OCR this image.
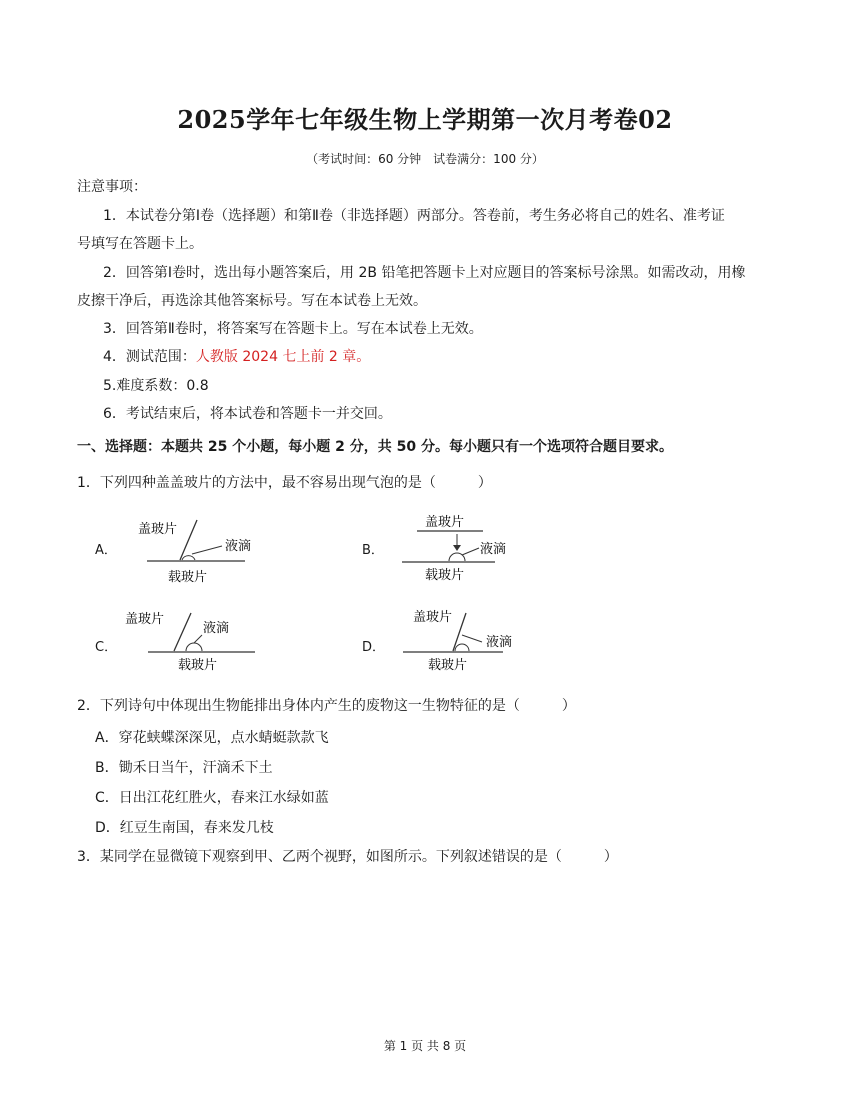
2025学年七年级生物上学期第一次月考卷02
（考试时间：60 分钟　试卷满分：100 分）
注意事项：
1．本试卷分第Ⅰ卷（选择题）和第Ⅱ卷（非选择题）两部分。答卷前，考生务必将自己的姓名、准考证
号填写在答题卡上。
2．回答第Ⅰ卷时，选出每小题答案后，用 2B 铅笔把答题卡上对应题目的答案标号涂黑。如需改动，用橡
皮擦干净后，再选涂其他答案标号。写在本试卷上无效。
3．回答第Ⅱ卷时，将答案写在答题卡上。写在本试卷上无效。
4．测试范围：人教版 2024 七上前 2 章。
5.难度系数：0.8
6．考试结束后，将本试卷和答题卡一并交回。
一、选择题：本题共 25 个小题，每小题 2 分，共 50 分。每小题只有一个选项符合题目要求。
1．下列四种盖盖玻片的方法中，最不容易出现气泡的是（　　　）
A．
盖玻片
液滴
载玻片
B．
盖玻片
液滴
载玻片
C．
盖玻片
液滴
载玻片
D．
盖玻片
液滴
载玻片
2．下列诗句中体现出生物能排出身体内产生的废物这一生物特征的是（　　　）
A．穿花蛱蝶深深见，点水蜻蜓款款飞
B．锄禾日当午，汗滴禾下土
C．日出江花红胜火，春来江水绿如蓝
D．红豆生南国，春来发几枝
3．某同学在显微镜下观察到甲、乙两个视野，如图所示。下列叙述错误的是（　　　）
第 1 页 共 8 页
